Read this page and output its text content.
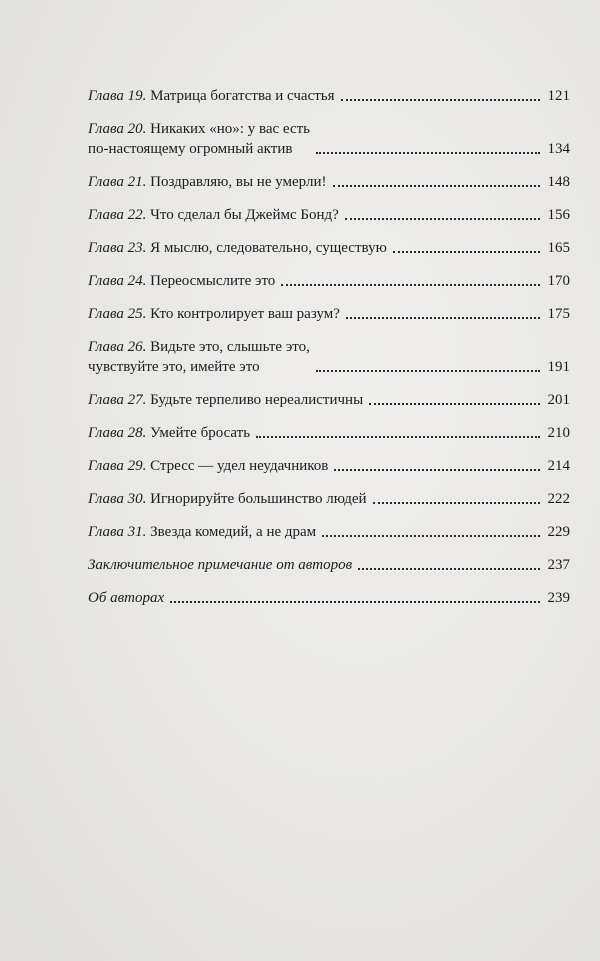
Глава 19. Матрица богатства и счастья	121
Глава 20. Никаких «но»: у вас есть
по-настоящему огромный актив	134
Глава 21. Поздравляю, вы не умерли!	148
Глава 22. Что сделал бы Джеймс Бонд?	156
Глава 23. Я мыслю, следовательно, существую	165
Глава 24. Переосмыслите это	170
Глава 25. Кто контролирует ваш разум?	175
Глава 26. Видьте это, слышьте это,
чувствуйте это, имейте это	191
Глава 27. Будьте терпеливо нереалистичны	201
Глава 28. Умейте бросать	210
Глава 29. Стресс — удел неудачников	214
Глава 30. Игнорируйте большинство людей	222
Глава 31. Звезда комедий, а не драм	229
Заключительное примечание от авторов	237
Об авторах	239
